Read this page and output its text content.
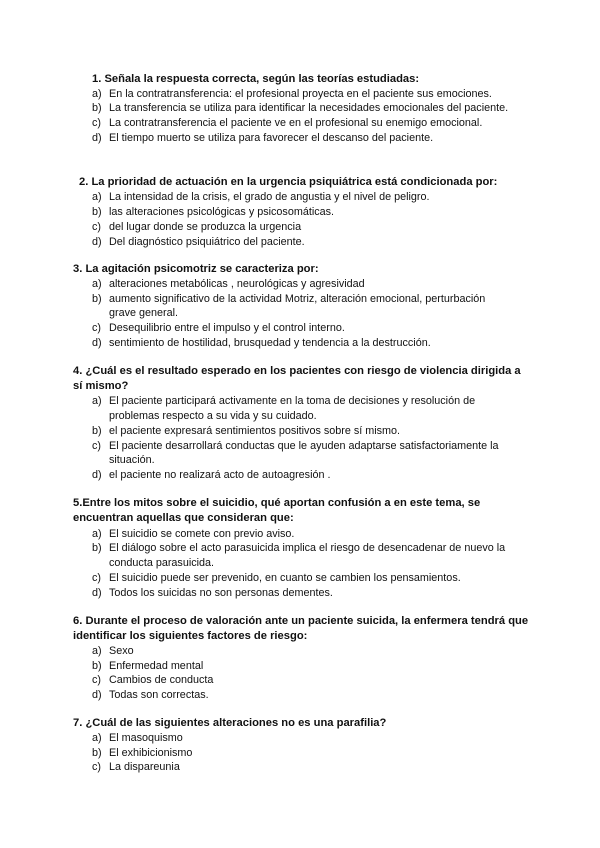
1. Señala la respuesta correcta, según las teorías estudiadas:
a) En la contratransferencia: el profesional proyecta en el paciente sus emociones.
b) La transferencia se utiliza para identificar la necesidades emocionales del paciente.
c) La contratransferencia el paciente ve en el profesional su enemigo emocional.
d) El tiempo muerto se utiliza para favorecer el descanso del paciente.
2. La prioridad de actuación en la urgencia psiquiátrica está condicionada por:
a) La intensidad de la crisis, el grado de angustia y el nivel de peligro.
b) las alteraciones psicológicas y psicosomáticas.
c) del lugar donde se produzca la urgencia
d) Del diagnóstico psiquiátrico del paciente.
3. La agitación psicomotriz se caracteriza por:
a) alteraciones metabólicas , neurológicas y agresividad
b) aumento significativo de la actividad Motriz, alteración emocional, perturbación
grave general.
c) Desequilibrio entre el impulso y el control interno.
d) sentimiento de hostilidad, brusquedad y tendencia a la destrucción.
4. ¿Cuál es el resultado esperado en los pacientes con riesgo de violencia dirigida a
sí mismo?
a) El paciente participará activamente en la toma de decisiones y resolución de
problemas respecto a su vida y su cuidado.
b) el paciente expresará sentimientos positivos sobre sí mismo.
c) El paciente desarrollará conductas que le ayuden adaptarse satisfactoriamente la
situación.
d) el paciente no realizará acto de autoagresión .
5.Entre los mitos sobre el suicidio, qué aportan confusión a en este tema, se
encuentran aquellas que consideran que:
a) El suicidio se comete con previo aviso.
b) El diálogo sobre el acto parasuicida implica el riesgo de desencadenar de nuevo la
conducta parasuicida.
c) El suicidio puede ser prevenido, en cuanto se cambien los pensamientos.
d) Todos los suicidas no son personas dementes.
6. Durante el proceso de valoración ante un paciente suicida, la enfermera tendrá que
identificar los siguientes factores de riesgo:
a) Sexo
b) Enfermedad mental
c) Cambios de conducta
d) Todas son correctas.
7. ¿Cuál de las siguientes alteraciones no es una parafilia?
a) El masoquismo
b) El exhibicionismo
c) La dispareunia
